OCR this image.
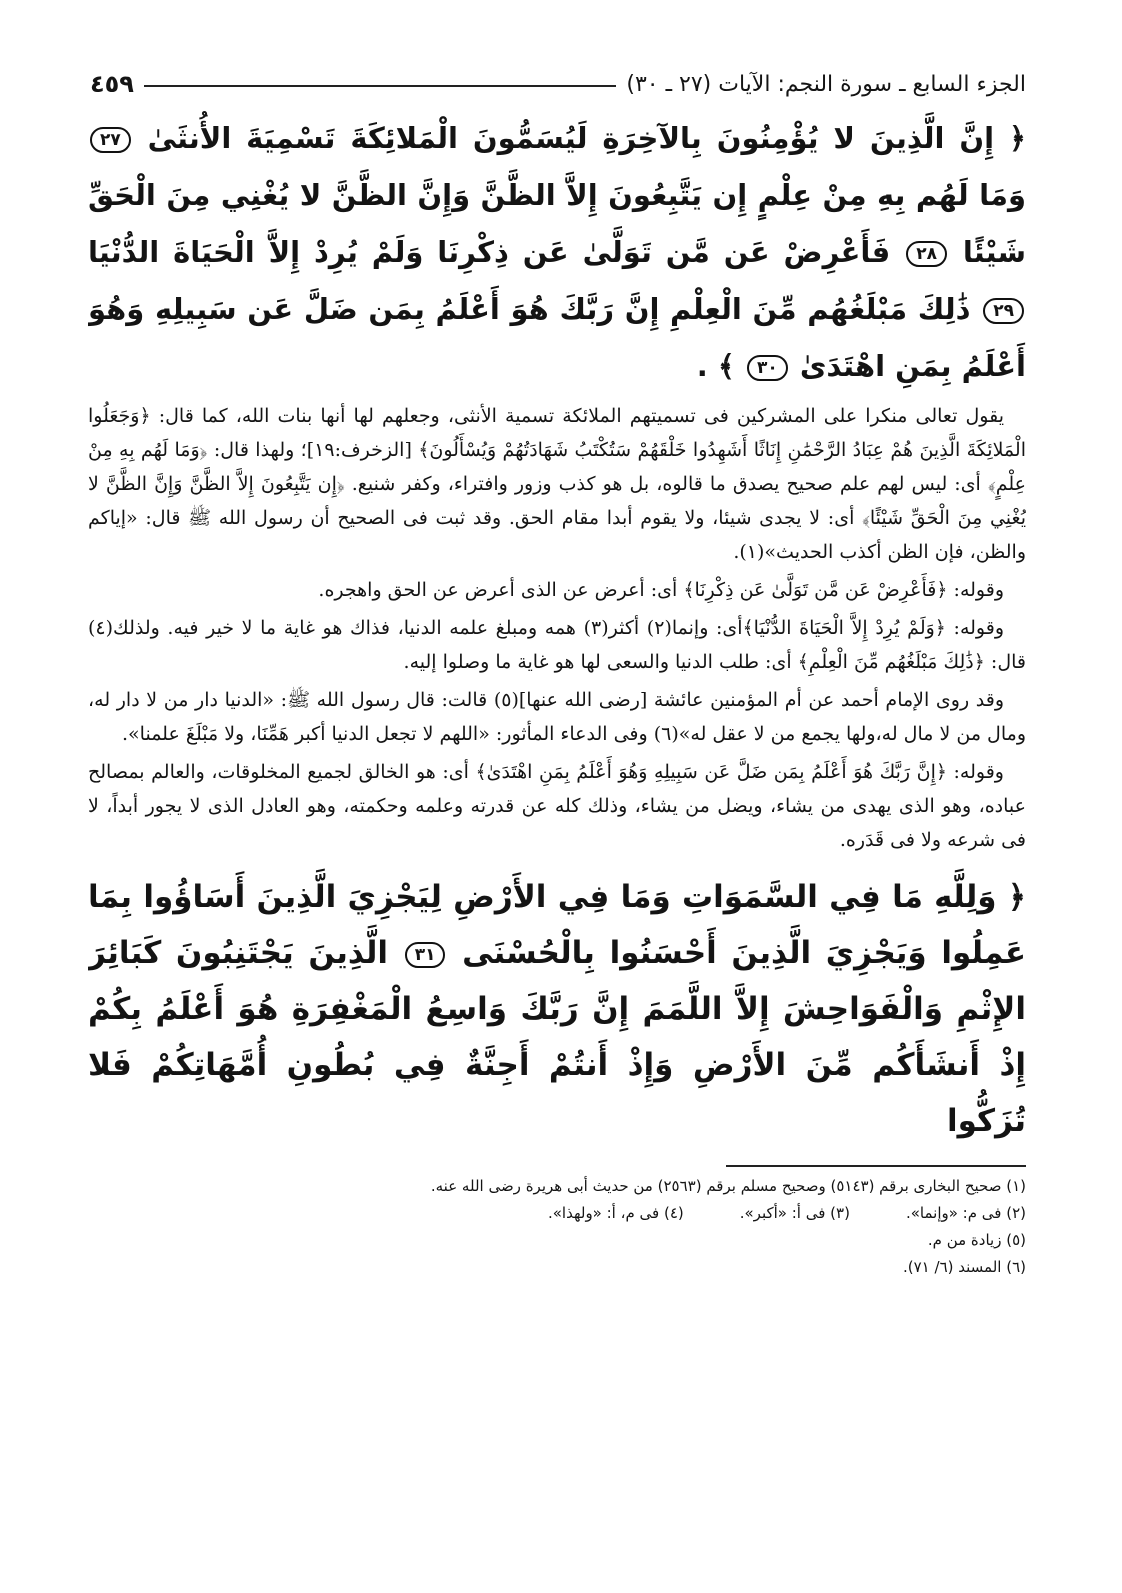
الجزء السابع ـ سورة النجم: الآيات (٢٧ ـ ٣٠)
٤٥٩
﴿ إِنَّ الَّذِينَ لا يُؤْمِنُونَ بِالآخِرَةِ لَيُسَمُّونَ الْمَلائِكَةَ تَسْمِيَةَ الأُنثَىٰ ٢٧ وَمَا لَهُم بِهِ مِنْ عِلْمٍ إِن يَتَّبِعُونَ إِلاَّ الظَّنَّ وَإِنَّ الظَّنَّ لا يُغْنِي مِنَ الْحَقِّ شَيْئًا ٢٨ فَأَعْرِضْ عَن مَّن تَوَلَّىٰ عَن ذِكْرِنَا وَلَمْ يُرِدْ إِلاَّ الْحَيَاةَ الدُّنْيَا ٢٩ ذَٰلِكَ مَبْلَغُهُم مِّنَ الْعِلْمِ إِنَّ رَبَّكَ هُوَ أَعْلَمُ بِمَن ضَلَّ عَن سَبِيلِهِ وَهُوَ أَعْلَمُ بِمَنِ اهْتَدَىٰ ٣٠ ﴾ .

يقول تعالى منكرا على المشركين فى تسميتهم الملائكة تسمية الأنثى، وجعلهم لها أنها بنات الله، كما قال: ﴿وَجَعَلُوا الْمَلائِكَةَ الَّذِينَ هُمْ عِبَادُ الرَّحْمَٰنِ إِنَاثًا أَشَهِدُوا خَلْقَهُمْ سَتُكْتَبُ شَهَادَتُهُمْ وَيُسْأَلُونَ﴾ [الزخرف:١٩]؛ ولهذا قال: ﴿وَمَا لَهُم بِهِ مِنْ عِلْمٍ﴾ أى: ليس لهم علم صحيح يصدق ما قالوه، بل هو كذب وزور وافتراء، وكفر شنيع. ﴿إِن يَتَّبِعُونَ إِلاَّ الظَّنَّ وَإِنَّ الظَّنَّ لا يُغْنِي مِنَ الْحَقِّ شَيْئًا﴾ أى: لا يجدى شيئا، ولا يقوم أبدا مقام الحق. وقد ثبت فى الصحيح أن رسول الله ﷺ قال: «إياكم والظن، فإن الظن أكذب الحديث»(١).

وقوله: ﴿فَأَعْرِضْ عَن مَّن تَوَلَّىٰ عَن ذِكْرِنَا﴾ أى: أعرض عن الذى أعرض عن الحق واهجره.

وقوله: ﴿وَلَمْ يُرِدْ إِلاَّ الْحَيَاةَ الدُّنْيَا﴾أى: وإنما(٢) أكثر(٣) همه ومبلغ علمه الدنيا، فذاك هو غاية ما لا خير فيه. ولذلك(٤) قال: ﴿ذَٰلِكَ مَبْلَغُهُم مِّنَ الْعِلْمِ﴾ أى: طلب الدنيا والسعى لها هو غاية ما وصلوا إليه.

وقد روى الإمام أحمد عن أم المؤمنين عائشة [رضى الله عنها](٥) قالت: قال رسول الله ﷺ: «الدنيا دار من لا دار له، ومال من لا مال له،ولها يجمع من لا عقل له»(٦) وفى الدعاء المأثور: «اللهم لا تجعل الدنيا أكبر هَمِّنَا، ولا مَبْلَغَ علمنا».

وقوله: ﴿إِنَّ رَبَّكَ هُوَ أَعْلَمُ بِمَن ضَلَّ عَن سَبِيلِهِ وَهُوَ أَعْلَمُ بِمَنِ اهْتَدَىٰ﴾ أى: هو الخالق لجميع المخلوقات، والعالم بمصالح عباده، وهو الذى يهدى من يشاء، ويضل من يشاء، وذلك كله عن قدرته وعلمه وحكمته، وهو العادل الذى لا يجور أبداً، لا فى شرعه ولا فى قَدَره.

﴿ وَلِلَّهِ مَا فِي السَّمَوَاتِ وَمَا فِي الأَرْضِ لِيَجْزِيَ الَّذِينَ أَسَاؤُوا بِمَا عَمِلُوا وَيَجْزِيَ الَّذِينَ أَحْسَنُوا بِالْحُسْنَى ٣١ الَّذِينَ يَجْتَنِبُونَ كَبَائِرَ الإِثْمِ وَالْفَوَاحِشَ إِلاَّ اللَّمَمَ إِنَّ رَبَّكَ وَاسِعُ الْمَغْفِرَةِ هُوَ أَعْلَمُ بِكُمْ إِذْ أَنشَأَكُم مِّنَ الأَرْضِ وَإِذْ أَنتُمْ أَجِنَّةٌ فِي بُطُونِ أُمَّهَاتِكُمْ فَلا تُزَكُّوا
(١) صحيح البخارى برقم (٥١٤٣) وصحيح مسلم برقم (٢٥٦٣) من حديث أبى هريرة رضى الله عنه.
(٢) فى م: «وإنما».
(٣) فى أ: «أكبر».
(٤) فى م، أ: «ولهذا».
(٥) زيادة من م.
(٦) المسند (٦/ ٧١).
